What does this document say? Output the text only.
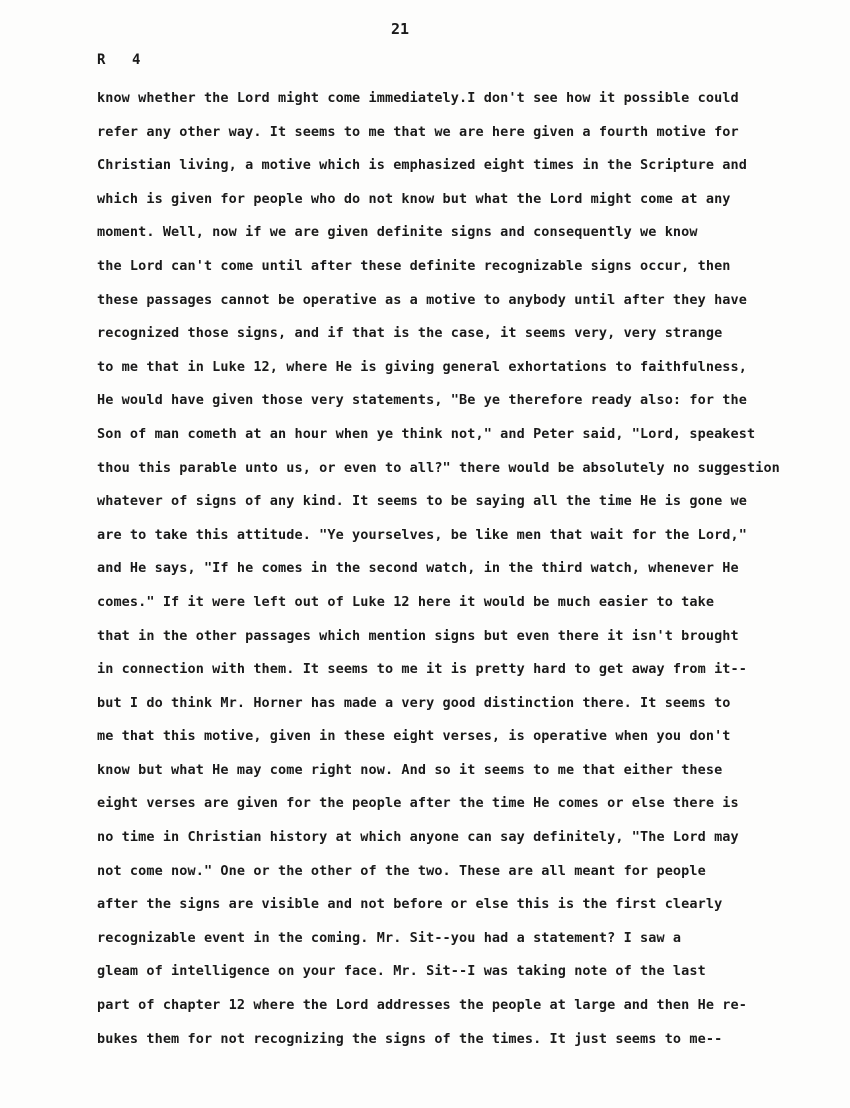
21
R 4
know whether the Lord might come immediately.I don't see how it possible could
refer any other way. It seems to me that we are here given a fourth motive for
Christian living, a motive which is emphasized eight times in the Scripture and
which is given for people who do not know but what the Lord might come at any
moment. Well, now if we are given definite signs and consequently we know
the Lord can't come until after these definite recognizable signs occur, then
these passages cannot be operative as a motive to anybody until after they have
recognized those signs, and if that is the case, it seems very, very strange
to me that in Luke 12, where He is giving general exhortations to faithfulness,
He would have given those very statements, "Be ye therefore ready also: for the
Son of man cometh at an hour when ye think not," and Peter said, "Lord, speakest
thou this parable unto us, or even to all?" there would be absolutely no suggestion
whatever of signs of any kind. It seems to be saying all the time He is gone we
are to take this attitude. "Ye yourselves, be like men that wait for the Lord,"
and He says, "If he comes in the second watch, in the third watch, whenever He
comes." If it were left out of Luke 12 here it would be much easier to take
that in the other passages which mention signs but even there it isn't brought
in connection with them. It seems to me it is pretty hard to get away from it--
but I do think Mr. Horner has made a very good distinction there. It seems to
me that this motive, given in these eight verses, is operative when you don't
know but what He may come right now. And so it seems to me that either these
eight verses are given for the people after the time He comes or else there is
no time in Christian history at which anyone can say definitely, "The Lord may
not come now." One or the other of the two. These are all meant for people
after the signs are visible and not before or else this is the first clearly
recognizable event in the coming. Mr. Sit--you had a statement? I saw a
gleam of intelligence on your face. Mr. Sit--I was taking note of the last
part of chapter 12 where the Lord addresses the people at large and then He re-
bukes them for not recognizing the signs of the times. It just seems to me--
